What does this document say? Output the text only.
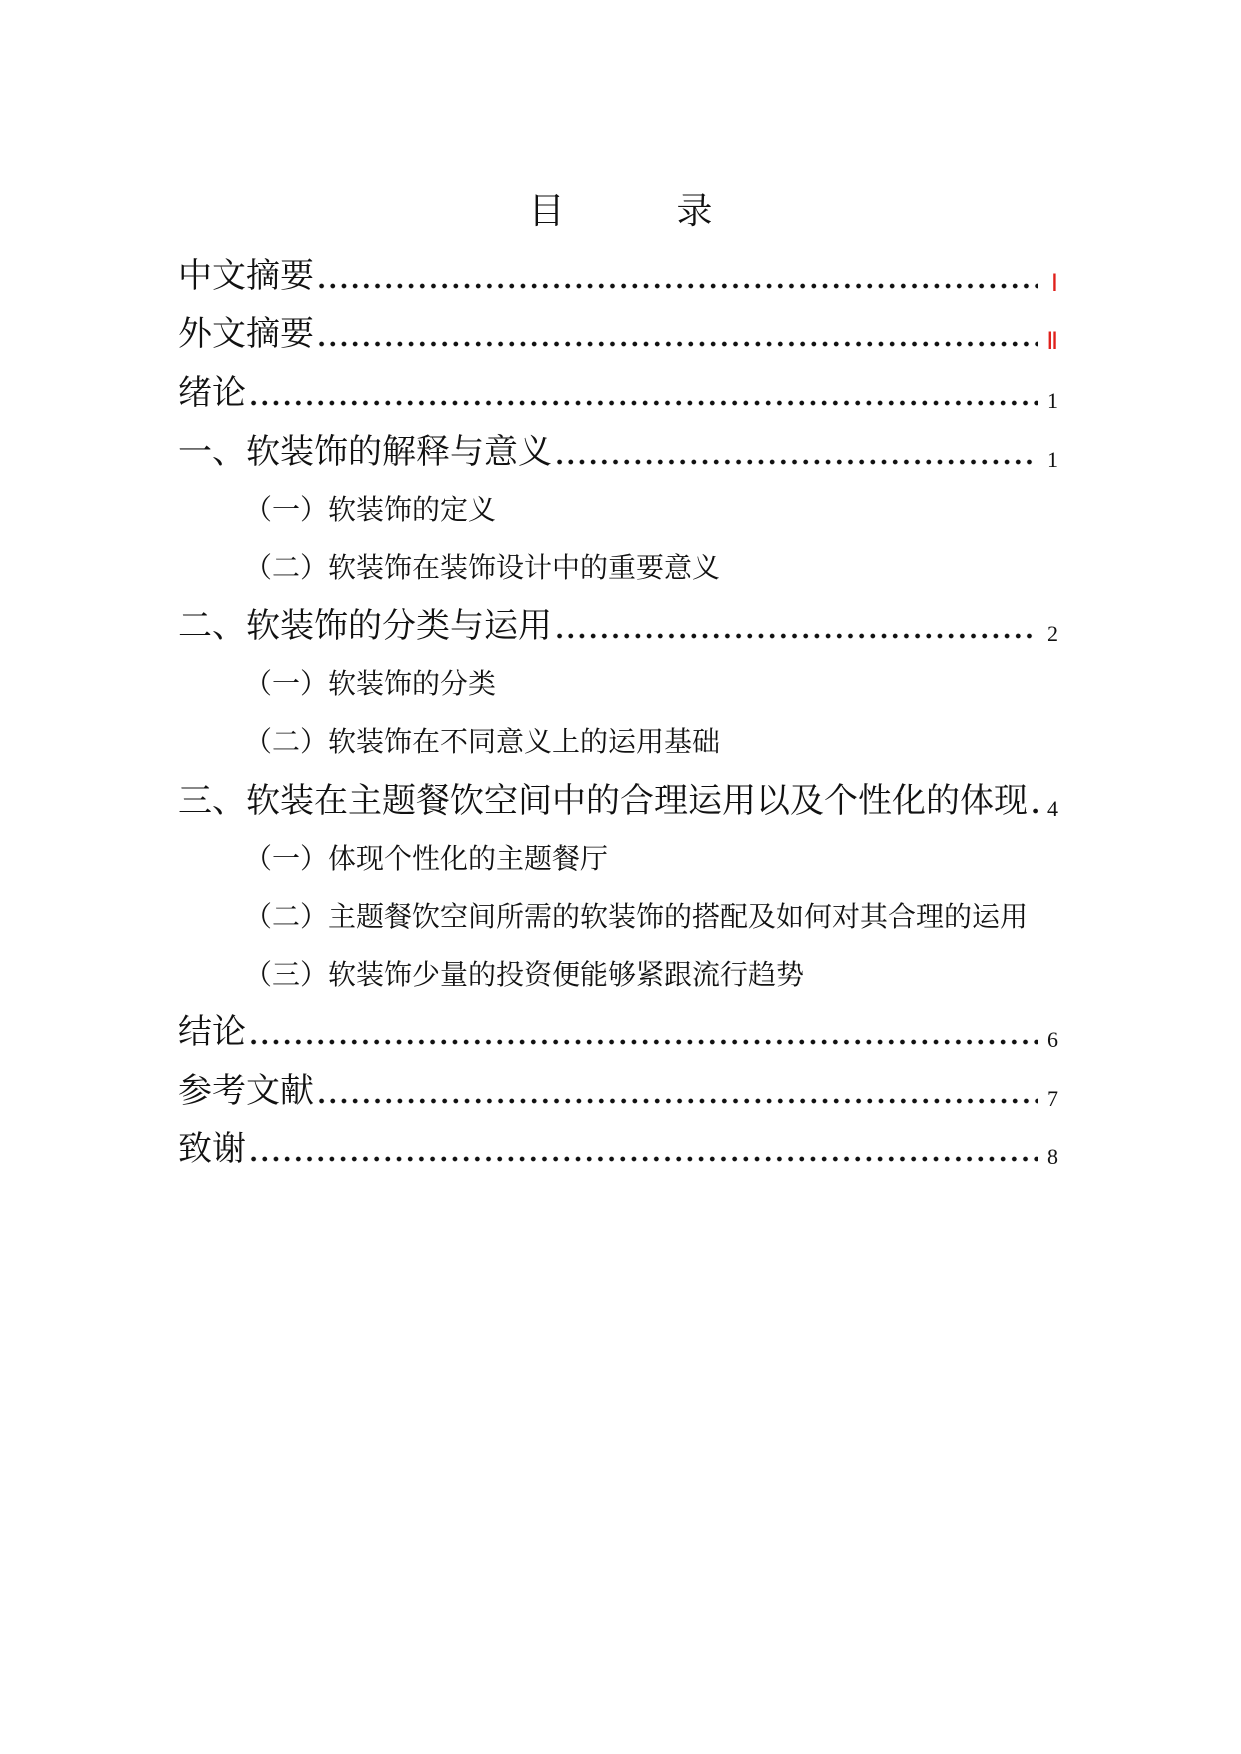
目　录
中文摘要	Ⅰ
外文摘要	Ⅱ
绪论	1
一、软装饰的解释与意义	1
（一）软装饰的定义
（二）软装饰在装饰设计中的重要意义
二、软装饰的分类与运用	2
（一）软装饰的分类
（二）软装饰在不同意义上的运用基础
三、软装在主题餐饮空间中的合理运用以及个性化的体现 4
（一）体现个性化的主题餐厅
（二）主题餐饮空间所需的软装饰的搭配及如何对其合理的运用
（三）软装饰少量的投资便能够紧跟流行趋势
结论	6
参考文献	7
致谢	8
